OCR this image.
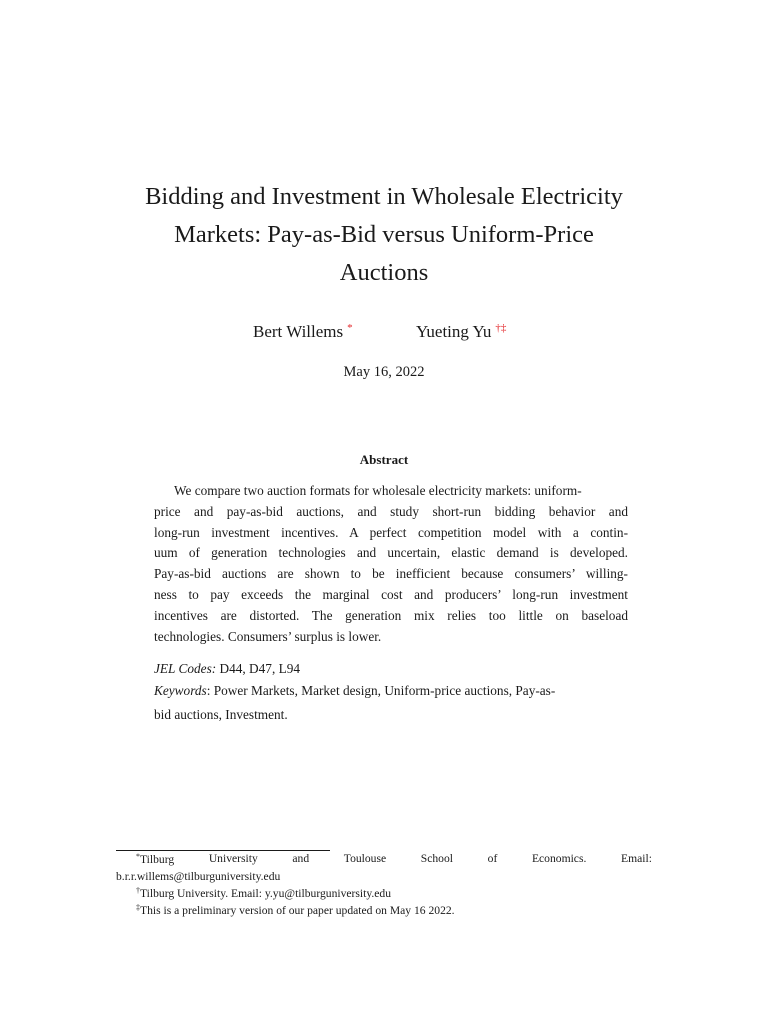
Bidding and Investment in Wholesale Electricity
Markets: Pay-as-Bid versus Uniform-Price
Auctions
Bert Willems *	Yueting Yu †‡
May 16, 2022
Abstract
We compare two auction formats for wholesale electricity markets: uniform-
price and pay-as-bid auctions, and study short-run bidding behavior and
long-run investment incentives. A perfect competition model with a contin-
uum of generation technologies and uncertain, elastic demand is developed.
Pay-as-bid auctions are shown to be inefficient because consumers’ willing-
ness to pay exceeds the marginal cost and producers’ long-run investment
incentives are distorted. The generation mix relies too little on baseload
technologies. Consumers’ surplus is lower.
JEL Codes: D44, D47, L94
Keywords: Power Markets, Market design, Uniform-price auctions, Pay-as-
bid auctions, Investment.
*Tilburg	University	and	Toulouse	School	of	Economics.	Email:
b.r.r.willems@tilburguniversity.edu
†Tilburg University. Email: y.yu@tilburguniversity.edu
‡This is a preliminary version of our paper updated on May 16 2022.
